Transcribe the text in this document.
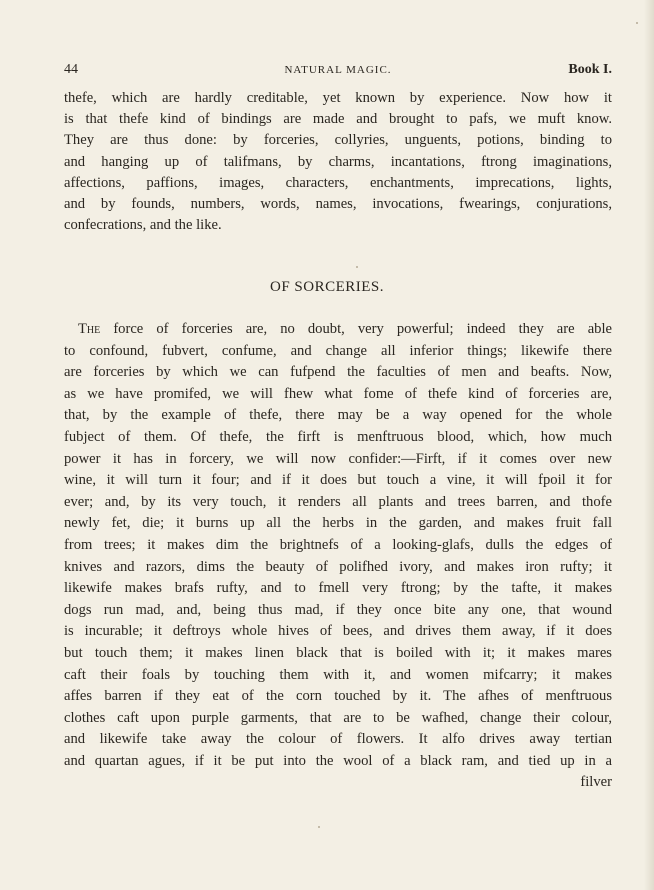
44	NATURAL MAGIC.	Book I.
thefe, which are hardly creditable, yet known by experience. Now how it
is that thefe kind of bindings are made and brought to pafs, we muft know.
They are thus done: by forceries, collyries, unguents, potions, binding to
and hanging up of talifmans, by charms, incantations, ftrong imaginations,
affections, paffions, images, characters, enchantments, imprecations, lights,
and by founds, numbers, words, names, invocations, fwearings, conjurations,
confecrations, and the like.
OF SORCERIES.
The force of forceries are, no doubt, very powerful; indeed they are able
to confound, fubvert, confume, and change all inferior things; likewife there
are forceries by which we can fufpend the faculties of men and beafts. Now,
as we have promifed, we will fhew what fome of thefe kind of forceries are,
that, by the example of thefe, there may be a way opened for the whole
fubject of them. Of thefe, the firft is menftruous blood, which, how much
power it has in forcery, we will now confider:—Firft, if it comes over new
wine, it will turn it four; and if it does but touch a vine, it will fpoil it for
ever; and, by its very touch, it renders all plants and trees barren, and thofe
newly fet, die; it burns up all the herbs in the garden, and makes fruit fall
from trees; it makes dim the brightnefs of a looking-glafs, dulls the edges of
knives and razors, dims the beauty of polifhed ivory, and makes iron rufty; it
likewife makes brafs rufty, and to fmell very ftrong; by the tafte, it makes
dogs run mad, and, being thus mad, if they once bite any one, that wound
is incurable; it deftroys whole hives of bees, and drives them away, if it does
but touch them; it makes linen black that is boiled with it; it makes mares
caft their foals by touching them with it, and women mifcarry; it makes
affes barren if they eat of the corn touched by it. The afhes of menftruous
clothes caft upon purple garments, that are to be wafhed, change their colour,
and likewife take away the colour of flowers. It alfo drives away tertian
and quartan agues, if it be put into the wool of a black ram, and tied up in a
filver
